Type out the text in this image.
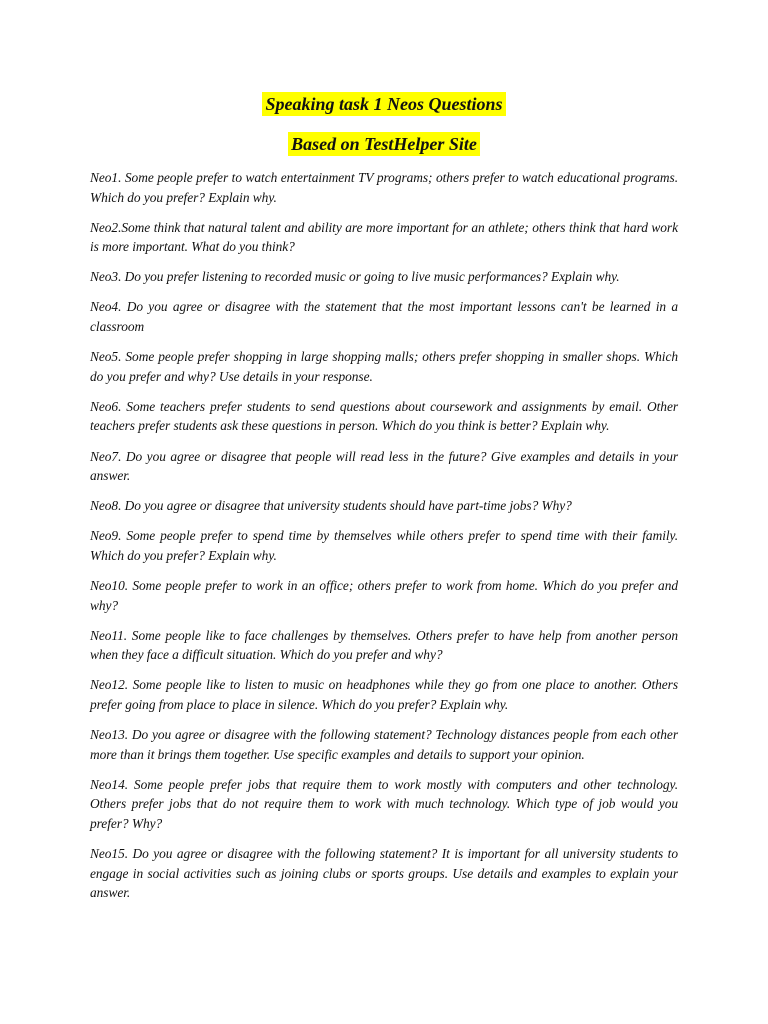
Speaking task 1 Neos Questions
Based on TestHelper Site
Neo1. Some people prefer to watch entertainment TV programs; others prefer to watch educational programs. Which do you prefer? Explain why.
Neo2.Some think that natural talent and ability are more important for an athlete; others think that hard work is more important. What do you think?
Neo3. Do you prefer listening to recorded music or going to live music performances? Explain why.
Neo4. Do you agree or disagree with the statement that the most important lessons can't be learned in a classroom
Neo5. Some people prefer shopping in large shopping malls; others prefer shopping in smaller shops. Which do you prefer and why? Use details in your response.
Neo6. Some teachers prefer students to send questions about coursework and assignments by email. Other teachers prefer students ask these questions in person. Which do you think is better? Explain why.
Neo7. Do you agree or disagree that people will read less in the future? Give examples and details in your answer.
Neo8. Do you agree or disagree that university students should have part-time jobs? Why?
Neo9. Some people prefer to spend time by themselves while others prefer to spend time with their family. Which do you prefer? Explain why.
Neo10. Some people prefer to work in an office; others prefer to work from home. Which do you prefer and why?
Neo11. Some people like to face challenges by themselves. Others prefer to have help from another person when they face a difficult situation. Which do you prefer and why?
Neo12. Some people like to listen to music on headphones while they go from one place to another. Others prefer going from place to place in silence. Which do you prefer? Explain why.
Neo13. Do you agree or disagree with the following statement? Technology distances people from each other more than it brings them together. Use specific examples and details to support your opinion.
Neo14. Some people prefer jobs that require them to work mostly with computers and other technology. Others prefer jobs that do not require them to work with much technology. Which type of job would you prefer? Why?
Neo15. Do you agree or disagree with the following statement? It is important for all university students to engage in social activities such as joining clubs or sports groups. Use details and examples to explain your answer.
